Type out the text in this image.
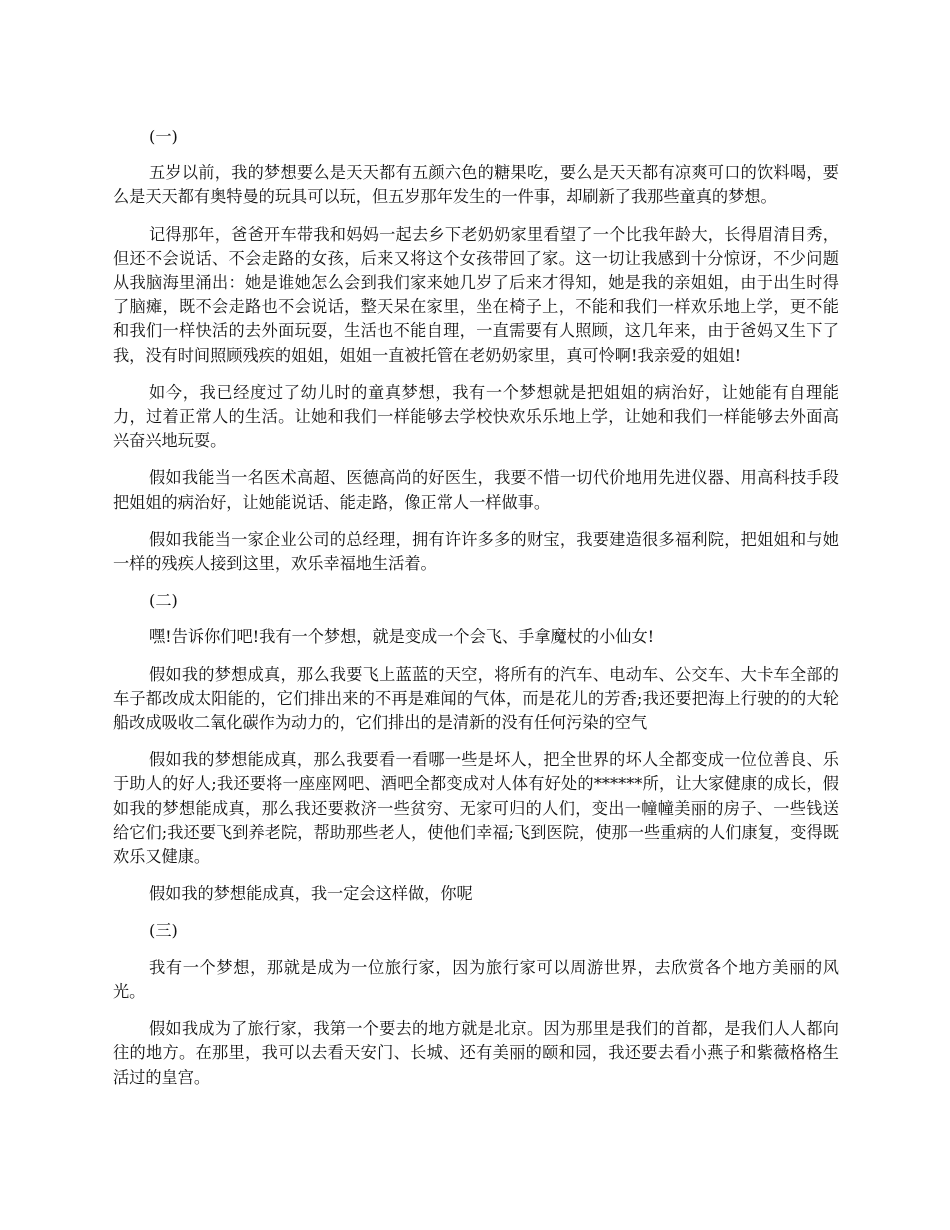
(一)

五岁以前，我的梦想要么是天天都有五颜六色的糖果吃，要么是天天都有凉爽可口的饮料喝，要么是天天都有奥特曼的玩具可以玩，但五岁那年发生的一件事，却刷新了我那些童真的梦想。

记得那年，爸爸开车带我和妈妈一起去乡下老奶奶家里看望了一个比我年龄大，长得眉清目秀，但还不会说话、不会走路的女孩，后来又将这个女孩带回了家。这一切让我感到十分惊讶，不少问题从我脑海里涌出：她是谁她怎么会到我们家来她几岁了后来才得知，她是我的亲姐姐，由于出生时得了脑瘫，既不会走路也不会说话，整天呆在家里，坐在椅子上，不能和我们一样欢乐地上学，更不能和我们一样快活的去外面玩耍，生活也不能自理，一直需要有人照顾，这几年来，由于爸妈又生下了我，没有时间照顾残疾的姐姐，姐姐一直被托管在老奶奶家里，真可怜啊!我亲爱的姐姐!

如今，我已经度过了幼儿时的童真梦想，我有一个梦想就是把姐姐的病治好，让她能有自理能力，过着正常人的生活。让她和我们一样能够去学校快欢乐乐地上学，让她和我们一样能够去外面高兴奋兴地玩耍。

假如我能当一名医术高超、医德高尚的好医生，我要不惜一切代价地用先进仪器、用高科技手段把姐姐的病治好，让她能说话、能走路，像正常人一样做事。

假如我能当一家企业公司的总经理，拥有许许多多的财宝，我要建造很多福利院，把姐姐和与她一样的残疾人接到这里，欢乐幸福地生活着。

(二)

嘿!告诉你们吧!我有一个梦想，就是变成一个会飞、手拿魔杖的小仙女!

假如我的梦想成真，那么我要飞上蓝蓝的天空，将所有的汽车、电动车、公交车、大卡车全部的车子都改成太阳能的，它们排出来的不再是难闻的气体，而是花儿的芳香;我还要把海上行驶的的大轮船改成吸收二氧化碳作为动力的，它们排出的是清新的没有任何污染的空气

假如我的梦想能成真，那么我要看一看哪一些是坏人，把全世界的坏人全都变成一位位善良、乐于助人的好人;我还要将一座座网吧、酒吧全都变成对人体有好处的******所，让大家健康的成长，假如我的梦想能成真，那么我还要救济一些贫穷、无家可归的人们，变出一幢幢美丽的房子、一些钱送给它们;我还要飞到养老院，帮助那些老人，使他们幸福;飞到医院，使那一些重病的人们康复，变得既欢乐又健康。

假如我的梦想能成真，我一定会这样做，你呢

(三)

我有一个梦想，那就是成为一位旅行家，因为旅行家可以周游世界，去欣赏各个地方美丽的风光。

假如我成为了旅行家，我第一个要去的地方就是北京。因为那里是我们的首都，是我们人人都向往的地方。在那里，我可以去看天安门、长城、还有美丽的颐和园，我还要去看小燕子和紫薇格格生活过的皇宫。
